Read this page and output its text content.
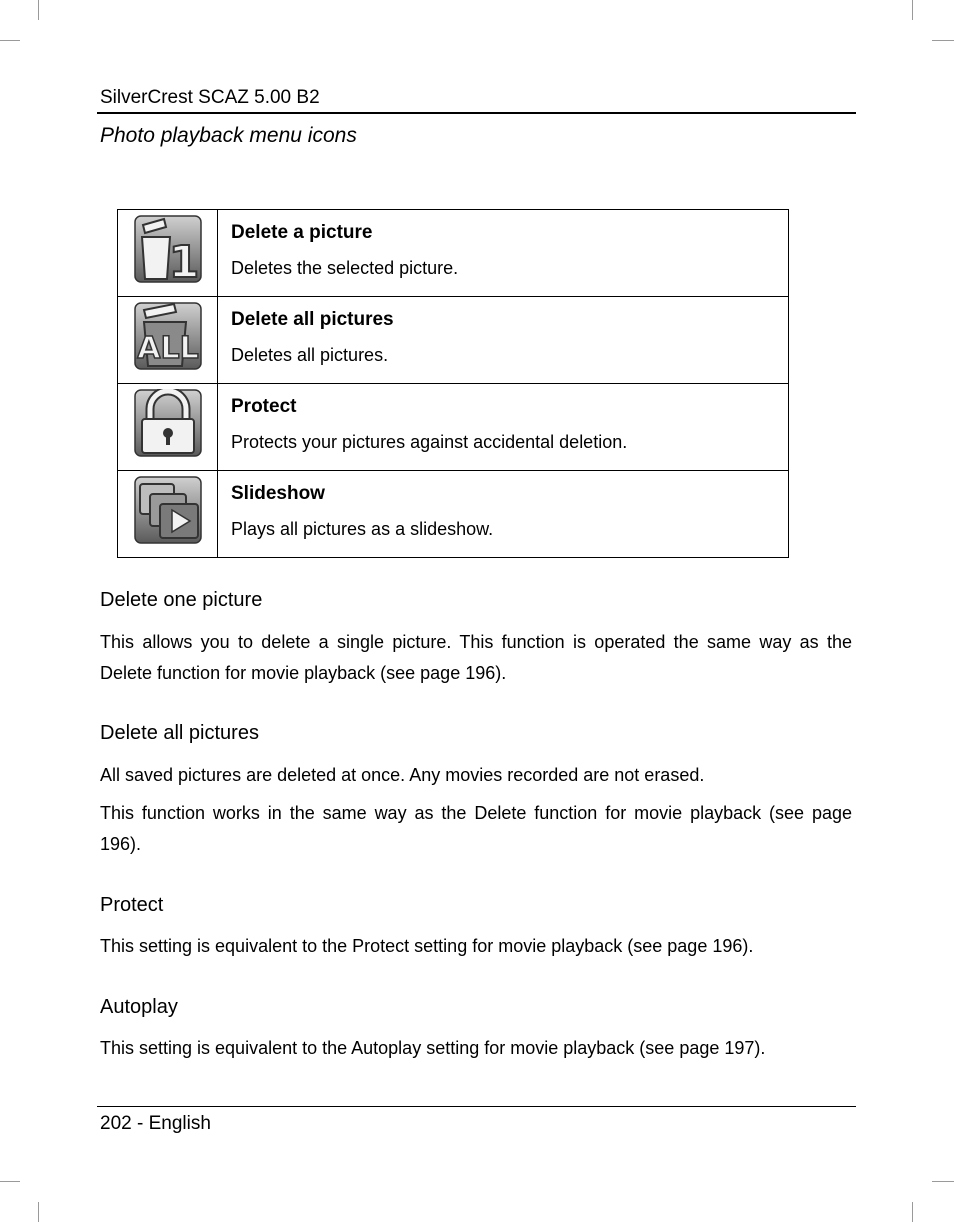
SilverCrest SCAZ 5.00 B2
Photo playback menu icons
1
Delete a picture
Deletes the selected picture.
ALL
Delete all pictures
Deletes all pictures.
Protect
Protects your pictures against accidental deletion.
Slideshow
Plays all pictures as a slideshow.
Delete one picture
This allows you to delete a single picture. This function is operated the same way as the Delete function for movie playback (see page 196).
Delete all pictures
All saved pictures are deleted at once. Any movies recorded are not erased.
This function works in the same way as the Delete function for movie playback (see page 196).
Protect
This setting is equivalent to the Protect setting for movie playback (see page 196).
Autoplay
This setting is equivalent to the Autoplay setting for movie playback (see page 197).
202 - English
